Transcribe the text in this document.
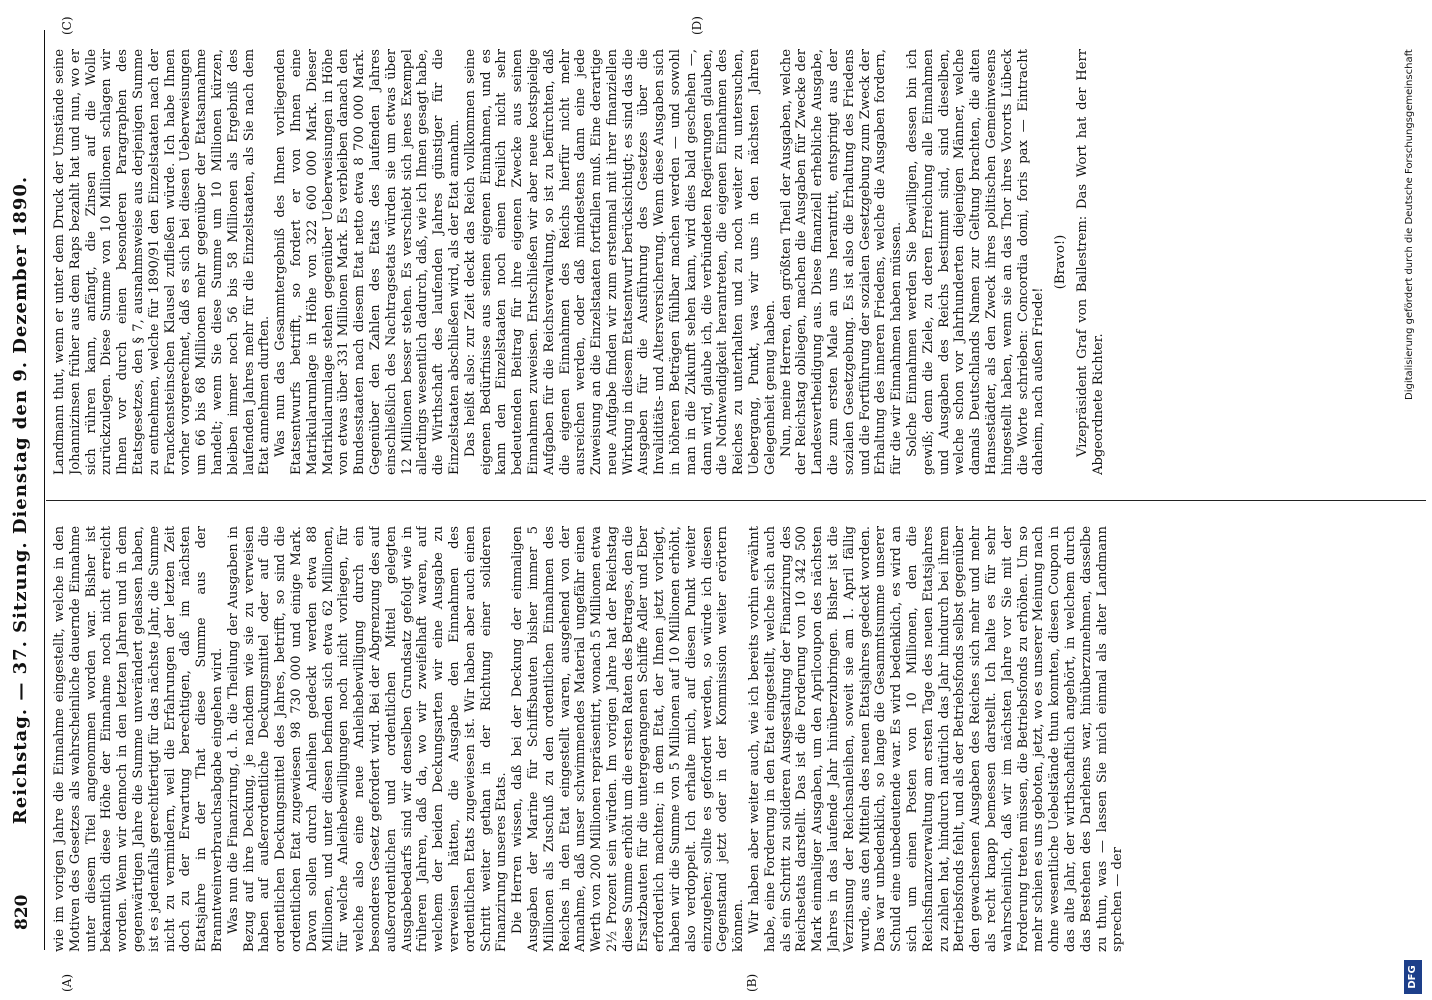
820
Reichstag. — 37. Sitzung. Dienstag den 9. Dezember 1890.
(A)	(B)
(C)	(D)

wie im vorigen Jahre die Einnahme eingestellt, welche in den Motiven des Gesetzes als wahrscheinliche dauernde Einnahme unter diesem Titel angenommen worden war. Bisher ist bekanntlich diese Höhe der Einnahme noch nicht erreicht worden. Wenn wir dennoch in den letzten Jahren und in dem gegenwärtigen Jahre die Summe unverändert gelassen haben, ist es jedenfalls gerechtfertigt für das nächste Jahr, die Summe nicht zu vermindern, weil die Erfahrungen der letzten Zeit doch zu der Erwartung berechtigen, daß im nächsten Etatsjahre in der That diese Summe aus der Branntweinverbrauchsabgabe eingehen wird. Was nun die Finanzirung, d. h. die Theilung der Ausgaben in Bezug auf ihre Deckung, je nachdem wie sie zu verweisen haben auf außerordentliche Deckungsmittel oder auf die ordentlichen Deckungsmittel des Jahres, betrifft, so sind die ordentlichen Etat zugewiesen 98 730 000 und einige Mark. Davon sollen durch Anleihen gedeckt werden etwa 88 Millionen, und unter diesen befinden sich etwa 62 Millionen, für welche Anleihebewilligungen noch nicht vorliegen, für welche also eine neue Anleihebewilligung durch ein besonderes Gesetz gefordert wird. Bei der Abgrenzung des auf außerordentlichen und ordentlichen Mittel gelegten Ausgabebedarfs sind wir denselben Grundsatz gefolgt wie in früheren Jahren, daß da, wo wir zweifelhaft waren, auf welchem der beiden Deckungsarten wir eine Ausgabe zu verweisen hätten, die Ausgabe den Einnahmen des ordentlichen Etats zugewiesen ist. Wir haben aber auch einen Schritt weiter gethan in der Richtung einer solideren Finanzirung unseres Etats. Die Herren wissen, daß bei der Deckung der einmaligen Ausgaben der Marine für Schiffsbauten bisher immer 5 Millionen als Zuschuß zu den ordentlichen Einnahmen des Reiches in den Etat eingestellt waren, ausgehend von der Annahme, daß unser schwimmendes Material ungefähr einen Werth von 200 Millionen repräsentirt, wonach 5 Millionen etwa 2½ Prozent sein würden. Im vorigen Jahre hat der Reichstag diese Summe erhöht um die ersten Raten des Betrages, den die Ersatzbauten für die untergegangenen Schiffe Adler und Eber erforderlich machten; in dem Etat, der Ihnen jetzt vorliegt, haben wir die Summe von 5 Millionen auf 10 Millionen erhöht, also verdoppelt. Ich erhalte mich, auf diesen Punkt weiter einzugehen; sollte es gefordert werden, so würde ich diesen Gegenstand jetzt oder in der Kommission weiter erörtern können. Wir haben aber weiter auch, wie ich bereits vorhin erwähnt habe, eine Forderung in den Etat eingestellt, welche sich auch als ein Schritt zu solideren Ausgestaltung der Finanzirung des Reichsetats darstellt. Das ist die Forderung von 10 342 500 Mark einmaliger Ausgaben, um den Aprilcoupon des nächsten Jahres in das laufende Jahr hinüberzubringen. Bisher ist die Verzinsung der Reichsanleihen, soweit sie am 1. April fällig wurde, aus den Mitteln des neuen Etatsjahres gedeckt worden. Das war unbedenklich, so lange die Gesammtsumme unserer Schuld eine unbedeutende war. Es wird bedenklich, es wird an sich um einen Posten von 10 Millionen, den die Reichsfinanzverwaltung am ersten Tage des neuen Etatsjahres zu zahlen hat, hindurch natürlich das Jahr hindurch bei ihrem Betriebsfonds fehlt, und als der Betriebsfonds selbst gegenüber den gewachsenen Ausgaben des Reiches sich mehr und mehr als recht knapp bemessen darstellt. Ich halte es für sehr wahrscheinlich, daß wir im nächsten Jahre vor Sie mit der Forderung treten müssen, die Betriebsfonds zu erhöhen. Um so mehr schien es uns geboten, jetzt, wo es unserer Meinung nach ohne wesentliche Uebelstände thun konnten, diesen Coupon in das alte Jahr, der wirthschaftlich angehört, in welchem durch das Bestehen des Darlehens war, hinüberzunehmen, dasselbe zu thun, was — lassen Sie mich einmal als alter Landmann sprechen — der

Landmann thut, wenn er unter dem Druck der Umstände seine Johannizinsen früher aus dem Raps bezahlt hat und nun, wo er sich rühren kann, anfängt, die Zinsen auf die Wolle zurückzulegen. Diese Summe von 10 Millionen schlagen wir Ihnen vor durch einen besonderen Paragraphen des Etatsgesetzes, den § 7, ausnahmsweise aus derjenigen Summe zu entnehmen, welche für 1890/91 den Einzelstaaten nach der Franckensteinschen Klausel zufließen würde. Ich habe Ihnen vorher vorgerechnet, daß es sich bei diesen Ueberweisungen um 66 bis 68 Millionen mehr gegenüber der Etatsannahme handelt; wenn Sie diese Summe um 10 Millionen kürzen, bleiben immer noch 56 bis 58 Millionen als Ergebniß des laufenden Jahres mehr für die Einzelstaaten, als Sie nach dem Etat annehmen durften. Was nun das Gesammtergebniß des Ihnen vorliegenden Etatsentwurfs betrifft, so fordert er von Ihnen eine Matrikularumlage in Höhe von 322 600 000 Mark. Dieser Matrikularumlage stehen gegenüber Ueberweisungen in Höhe von etwas über 331 Millionen Mark. Es verbleiben danach den Bundesstaaten nach diesem Etat netto etwa 8 700 000 Mark. Gegenüber den Zahlen des Etats des laufenden Jahres einschließlich des Nachtragsetats würden sie um etwas über 12 Millionen besser stehen. Es verschiebt sich jenes Exempel allerdings wesentlich dadurch, daß, wie ich Ihnen gesagt habe, die Wirthschaft des laufenden Jahres günstiger für die Einzelstaaten abschließen wird, als der Etat annahm. Das heißt also: zur Zeit deckt das Reich vollkommen seine eigenen Bedürfnisse aus seinen eigenen Einnahmen, und es kann den Einzelstaaten noch einen freilich nicht sehr bedeutenden Beitrag für ihre eigenen Zwecke aus seinen Einnahmen zuweisen. Entschließen wir aber neue kostspielige Aufgaben für die Reichsverwaltung, so ist zu befürchten, daß die eigenen Einnahmen des Reichs hierfür nicht mehr ausreichen werden, oder daß mindestens dann eine jede Zuweisung an die Einzelstaaten fortfallen muß. Eine derartige neue Aufgabe finden wir zum erstenmal mit ihrer finanziellen Wirkung in diesem Etatsentwurf berücksichtigt; es sind das die Ausgaben für die Ausführung des Gesetzes über die Invaliditäts- und Altersversicherung. Wenn diese Ausgaben sich in höheren Beträgen fühlbar machen werden — und sowohl man in die Zukunft sehen kann, wird dies bald geschehen —, dann wird, glaube ich, die verbündeten Regierungen glauben, die Nothwendigkeit herantreten, die eigenen Einnahmen des Reiches zu unterhalten und zu noch weiter zu untersuchen, Uebergang, Punkt, was wir uns in den nächsten Jahren Gelegenheit genug haben. Nun, meine Herren, den größten Theil der Ausgaben, welche der Reichstag obliegen, machen die Ausgaben für Zwecke der Landesvertheidigung aus. Diese finanziell erhebliche Ausgabe, die zum ersten Male an uns herantritt, entspringt aus der sozialen Gesetzgebung. Es ist also die Erhaltung des Friedens und die Fortführung der sozialen Gesetzgebung zum Zweck der Erhaltung des inneren Friedens, welche die Ausgaben fordern, für die wir Einnahmen haben müssen. Solche Einnahmen werden Sie bewilligen, dessen bin ich gewiß; denn die Ziele, zu deren Erreichung alle Einnahmen und Ausgaben des Reichs bestimmt sind, sind dieselben, welche schon vor Jahrhunderten diejenigen Männer, welche damals Deutschlands Namen zur Geltung brachten, die alten Hansestädter, als den Zweck ihres politischen Gemeinwesens hingestellt haben, wenn sie an das Thor ihres Vororts Lübeck die Worte schrieben: Concordia domi, foris pax — Eintracht daheim, nach außen Friede!

(Bravo!) Vizepräsident Graf von Ballestrem: Das Wort hat der Herr Abgeordnete Richter.

DFG
Digitalisierung gefördert durch die Deutsche Forschungsgemeinschaft
